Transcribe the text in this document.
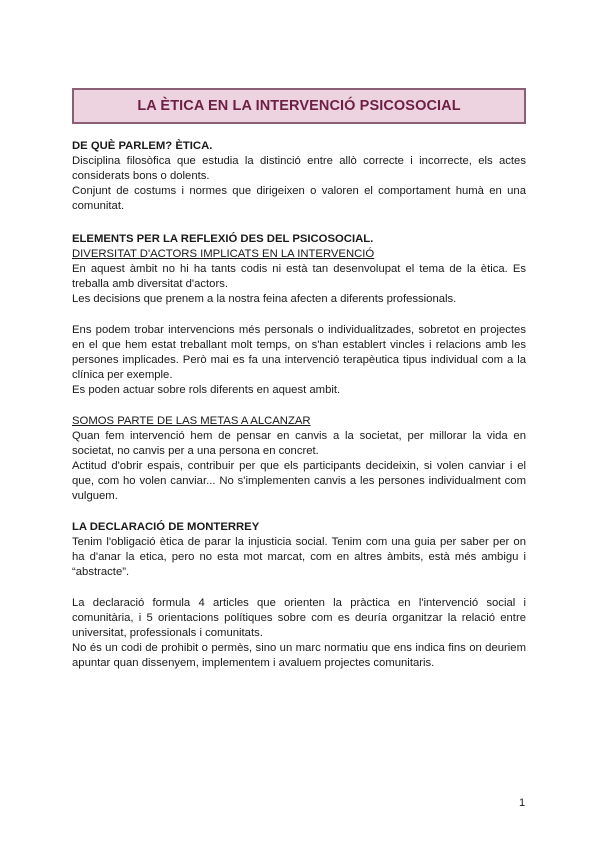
LA ÈTICA EN LA INTERVENCIÓ PSICOSOCIAL
DE QUÈ PARLEM? ÈTICA.

Disciplina filosòfica que estudia la distinció entre allò correcte i incorrecte, els actes considerats bons o dolents.

Conjunt de costums i normes que dirigeixen o valoren el comportament humà en una comunitat.

ELEMENTS PER LA REFLEXIÓ DES DEL PSICOSOCIAL.

DIVERSITAT D'ACTORS IMPLICATS EN LA INTERVENCIÓ

En aquest àmbit no hi ha tants codis ni està tan desenvolupat el tema de la ètica. Es treballa amb diversitat d'actors.

Les decisions que prenem a la nostra feina afecten a diferents professionals.

Ens podem trobar intervencions més personals o individualitzades, sobretot en projectes en el que hem estat treballant molt temps, on s'han establert vincles i relacions amb les persones implicades. Però mai es fa una intervenció terapèutica tipus individual com a la clínica per exemple.

Es poden actuar sobre rols diferents en aquest ambit.

SOMOS PARTE DE LAS METAS A ALCANZAR

Quan fem intervenció hem de pensar en canvis a la societat, per millorar la vida en societat, no canvis per a una persona en concret.

Actitud d'obrir espais, contribuir per que els participants decideixin, si volen canviar i el que, com ho volen canviar... No s'implementen canvis a les persones individualment com vulguem.

LA DECLARACIÓ DE MONTERREY

Tenim l'obligació ètica de parar la injusticia social. Tenim com una guia per saber per on ha d'anar la etica, pero no esta mot marcat, com en altres àmbits, està més ambigu i “abstracte”.

La declaració formula 4 articles que orienten la pràctica en l'intervenció social i comunitària, i 5 orientacions polítiques sobre com es deuría organitzar la relació entre universitat, professionals i comunitats.

No és un codi de prohibit o permès, sino un marc normatiu que ens indica fins on deuriem apuntar quan dissenyem, implementem i avaluem projectes comunitaris.

1
